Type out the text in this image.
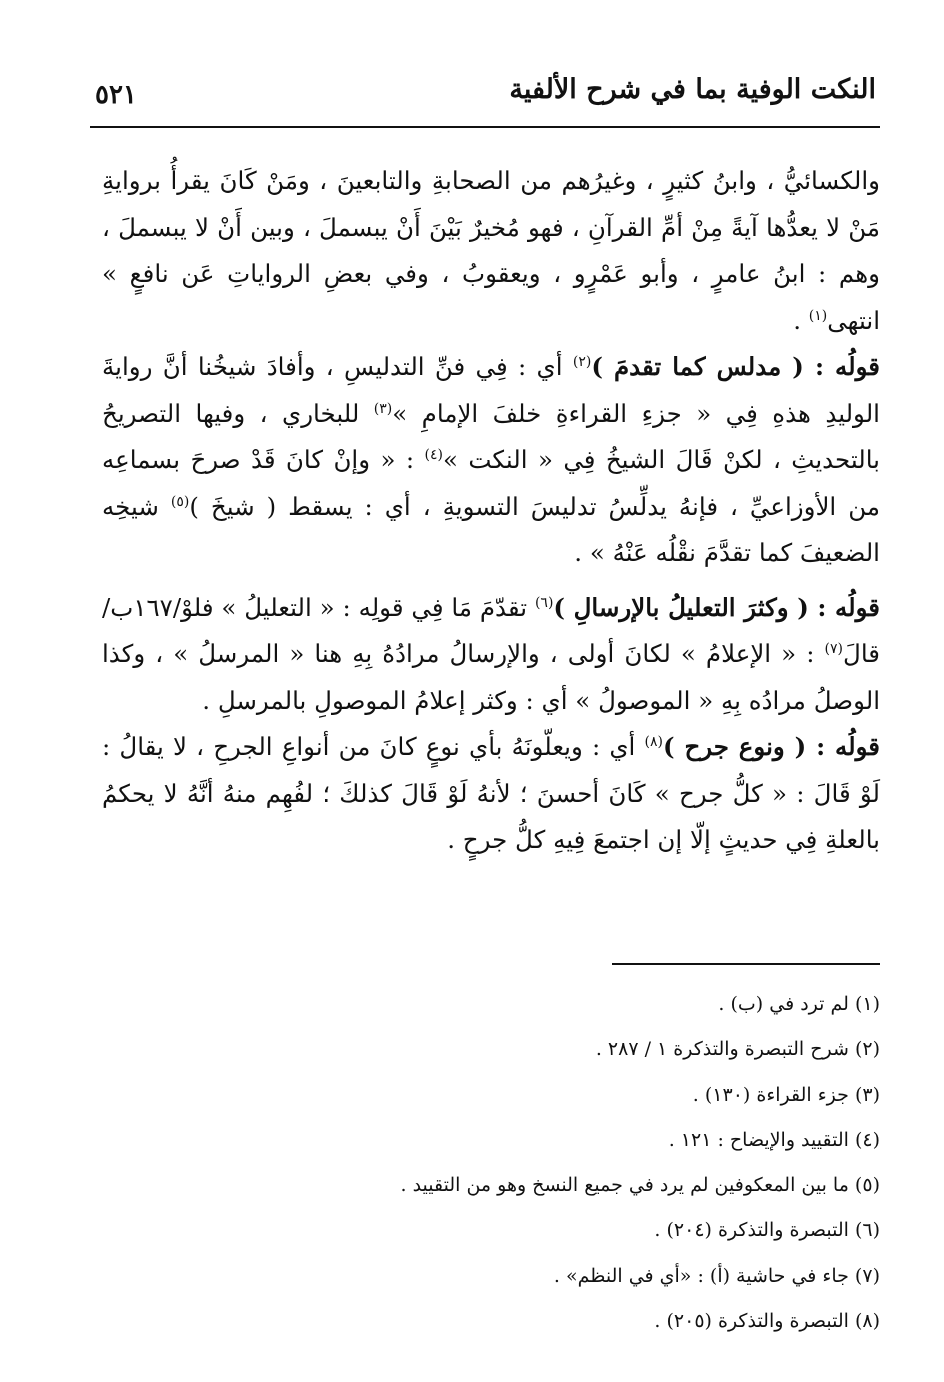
النكت الوفية بما في شرح الألفية
٥٢١

والكسائيُّ ، وابنُ كثيرٍ ، وغيرُهم من الصحابةِ والتابعينَ ، ومَنْ كَانَ يقرأُ بروايةِ مَنْ لا يعدُّها آيةً مِنْ أمِّ القرآنِ ، فهو مُخيرٌ بَيْنَ أَنْ يبسملَ ، وبين أَنْ لا يبسملَ ، وهم : ابنُ عامرٍ ، وأبو عَمْرٍو ، ويعقوبُ ، وفي بعضِ الرواياتِ عَن نافعٍ » انتهى$^{(١)}$ .

قولُه : ( مدلس كما تقدمَ )$^{(٢)}$ أي : فِي فنِّ التدليسِ ، وأفادَ شيخُنا أنَّ روايةَ الوليدِ هذهِ فِي « جزءِ القراءةِ خلفَ الإمامِ »$^{(٣)}$ للبخاري ، وفيها التصريحُ بالتحديثِ ، لكنْ قَالَ الشيخُ فِي « النكت »$^{(٤)}$ : « وإنْ كانَ قَدْ صرحَ بسماعِه من الأوزاعيِّ ، فإنهُ يدلِّسُ تدليسَ التسويةِ ، أي : يسقط ( شيخَ )$^{(٥)}$ شيخِه الضعيفَ كما تقدَّمَ نقْلُه عَنْهُ » .

قولُه : ( وكثرَ التعليلُ بالإرسالِ )$^{(٦)}$ تقدّمَ مَا فِي قولِه : « التعليلُ » فلوْ/١٦٧ب/ قالَ$^{(٧)}$ : « الإعلامُ » لكانَ أولى ، والإرسالُ مرادُهُ بِهِ هنا « المرسلُ » ، وكذا الوصلُ مرادُه بِهِ « الموصولُ » أي : وكثر إعلامُ الموصولِ بالمرسلِ .

قولُه : ( ونوع جرح )$^{(٨)}$ أي : ويعلّونَهُ بأي نوعٍ كانَ من أنواعِ الجرحِ ، لا يقالُ : لَوْ قَالَ : « كلُّ جرح » كَانَ أحسنَ ؛ لأنهُ لَوْ قَالَ كذلكَ ؛ لفُهِم منهُ أنَّهُ لا يحكمُ بالعلةِ فِي حديثٍ إلّا إن اجتمعَ فِيهِ كلُّ جرحٍ .

(١) لم ترد في (ب) .

(٢) شرح التبصرة والتذكرة ١ / ٢٨٧ .

(٣) جزء القراءة (١٣٠) .

(٤) التقييد والإيضاح : ١٢١ .

(٥) ما بين المعكوفين لم يرد في جميع النسخ وهو من التقييد .

(٦) التبصرة والتذكرة (٢٠٤) .

(٧) جاء في حاشية (أ) : «أي في النظم» .

(٨) التبصرة والتذكرة (٢٠٥) .
